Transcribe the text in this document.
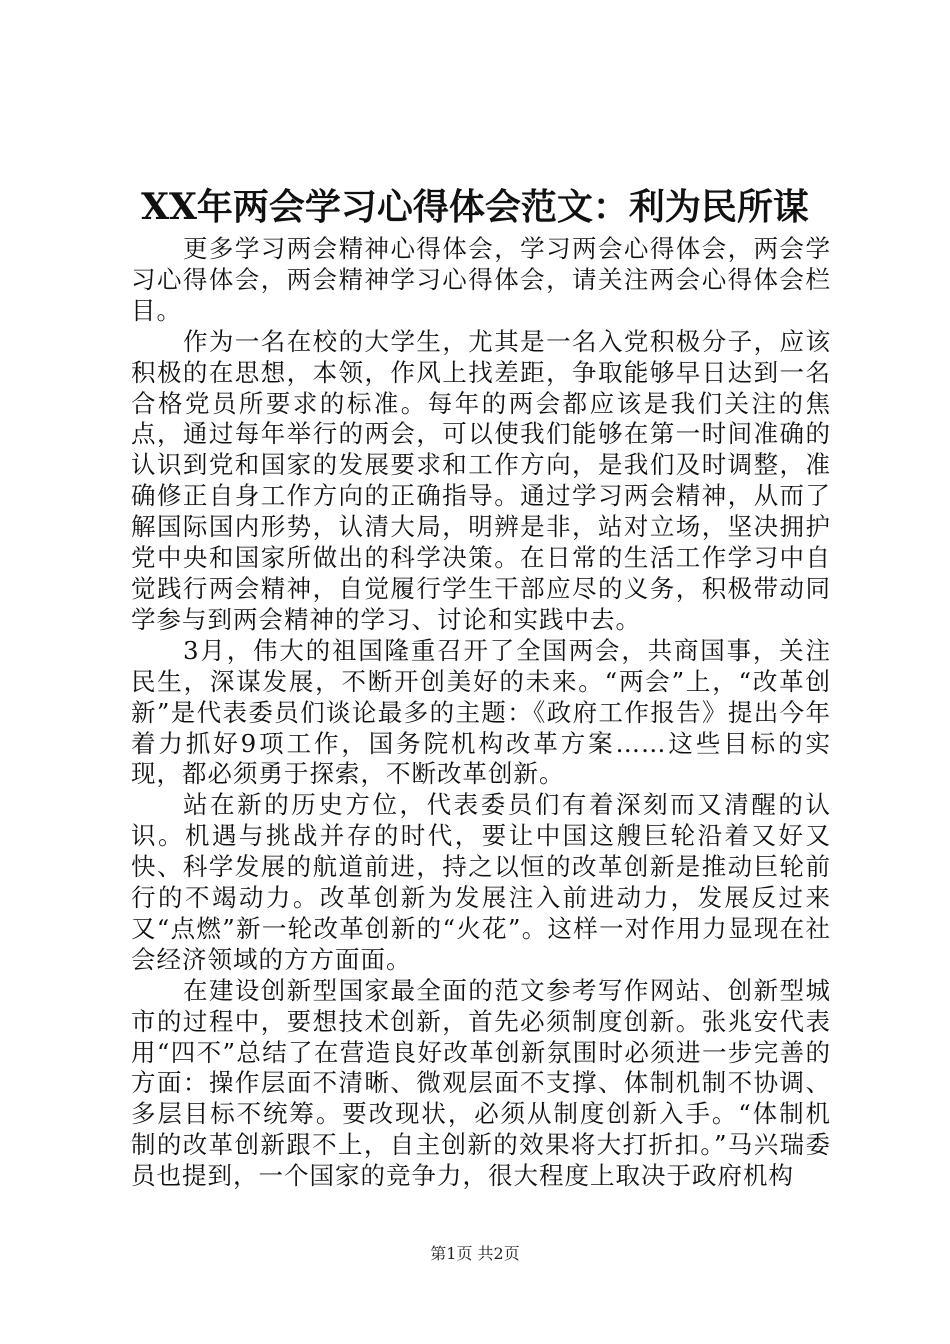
XX年两会学习心得体会范文：利为民所谋

更多学习两会精神心得体会，学习两会心得体会，两会学习心得体会，两会精神学习心得体会，请关注两会心得体会栏目。

作为一名在校的大学生，尤其是一名入党积极分子，应该积极的在思想，本领，作风上找差距，争取能够早日达到一名合格党员所要求的标准。每年的两会都应该是我们关注的焦点，通过每年举行的两会，可以使我们能够在第一时间准确的认识到党和国家的发展要求和工作方向，是我们及时调整，准确修正自身工作方向的正确指导。通过学习两会精神，从而了解国际国内形势，认清大局，明辨是非，站对立场，坚决拥护党中央和国家所做出的科学决策。在日常的生活工作学习中自觉践行两会精神，自觉履行学生干部应尽的义务，积极带动同学参与到两会精神的学习、讨论和实践中去。

3月，伟大的祖国隆重召开了全国两会，共商国事，关注民生，深谋发展，不断开创美好的未来。“两会”上，“改革创新”是代表委员们谈论最多的主题：《政府工作报告》提出今年着力抓好9项工作，国务院机构改革方案……这些目标的实现，都必须勇于探索，不断改革创新。

站在新的历史方位，代表委员们有着深刻而又清醒的认识。机遇与挑战并存的时代，要让中国这艘巨轮沿着又好又快、科学发展的航道前进，持之以恒的改革创新是推动巨轮前行的不竭动力。改革创新为发展注入前进动力，发展反过来又“点燃”新一轮改革创新的“火花”。这样一对作用力显现在社会经济领域的方方面面。

在建设创新型国家最全面的范文参考写作网站、创新型城市的过程中，要想技术创新，首先必须制度创新。张兆安代表用“四不”总结了在营造良好改革创新氛围时必须进一步完善的方面：操作层面不清晰、微观层面不支撑、体制机制不协调、多层目标不统筹。要改现状，必须从制度创新入手。“体制机制的改革创新跟不上，自主创新的效果将大打折扣。”马兴瑞委员也提到，一个国家的竞争力，很大程度上取决于政府机构

第1页 共2页
